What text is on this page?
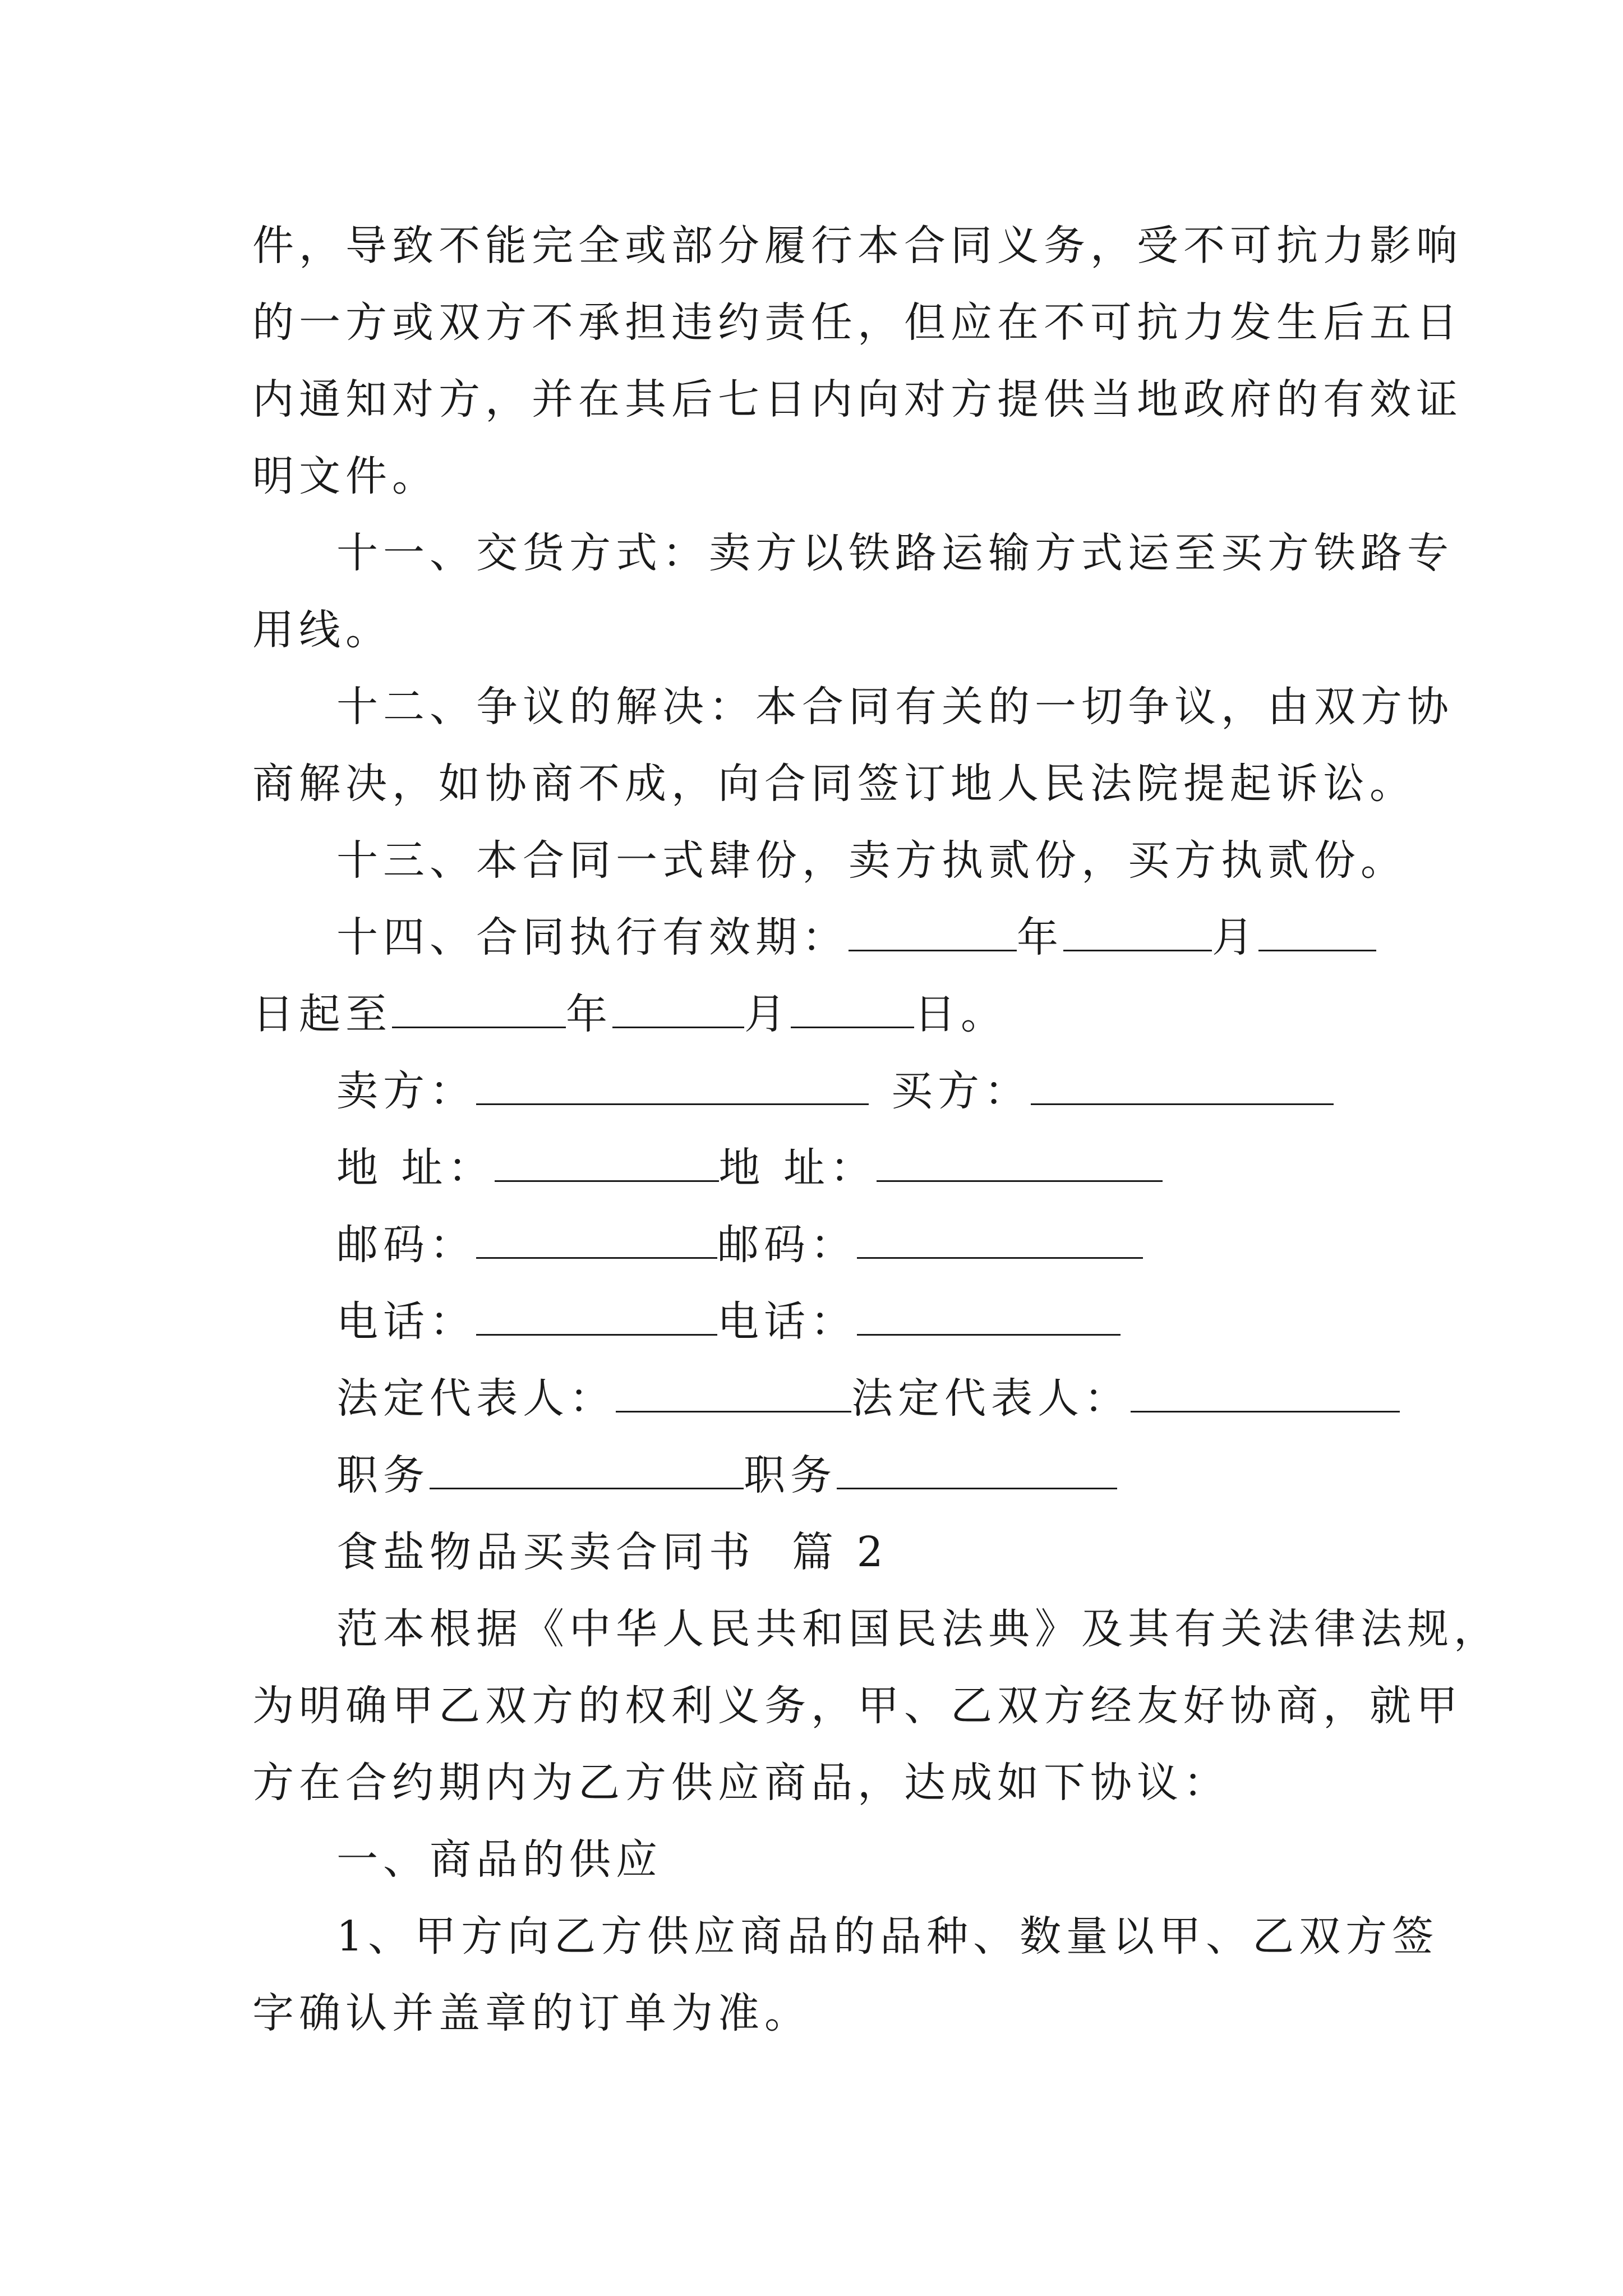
件，导致不能完全或部分履行本合同义务，受不可抗力影响
的一方或双方不承担违约责任，但应在不可抗力发生后五日
内通知对方，并在其后七日内向对方提供当地政府的有效证
明文件。

十一、交货方式：卖方以铁路运输方式运至买方铁路专
用线。

十二、争议的解决：本合同有关的一切争议，由双方协
商解决，如协商不成，向合同签订地人民法院提起诉讼。

十三、本合同一式肆份，卖方执贰份，买方执贰份。

十四、合同执行有效期：	年	月
日起至	年	月	日。

卖方：	买方：
地 址：	地 址：
邮码：	邮码：
电话：	电话：
法定代表人：	法定代表人：
职务	职务

食盐物品买卖合同书  篇 2

范本根据《中华人民共和国民法典》及其有关法律法规，
为明确甲乙双方的权利义务，甲、乙双方经友好协商，就甲
方在合约期内为乙方供应商品，达成如下协议：

一、商品的供应

1、甲方向乙方供应商品的品种、数量以甲、乙双方签
字确认并盖章的订单为准。
